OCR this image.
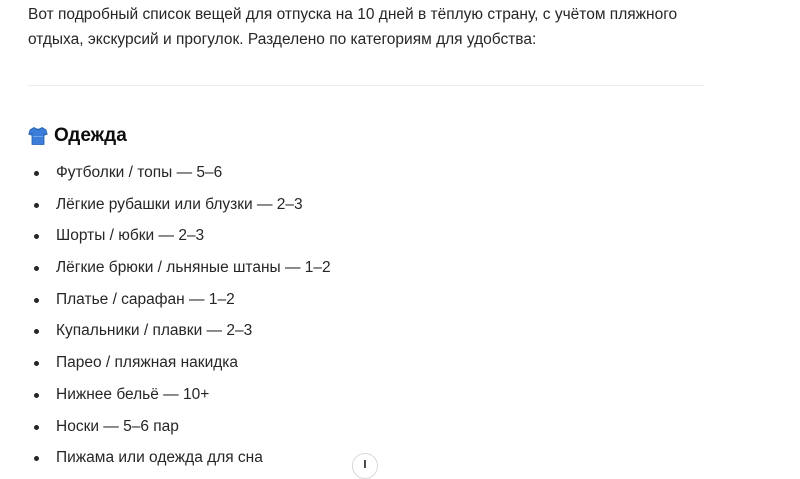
Вот подробный список вещей для отпуска на 10 дней в тёплую страну, с учётом пляжного отдыха, экскурсий и прогулок. Разделено по категориям для удобства:

Одежда
Футболки / топы — 5–6
Лёгкие рубашки или блузки — 2–3
Шорты / юбки — 2–3
Лёгкие брюки / льняные штаны — 1–2
Платье / сарафан — 1–2
Купальники / плавки — 2–3
Парео / пляжная накидка
Нижнее бельё — 10+
Носки — 5–6 пар
Пижама или одежда для сна
